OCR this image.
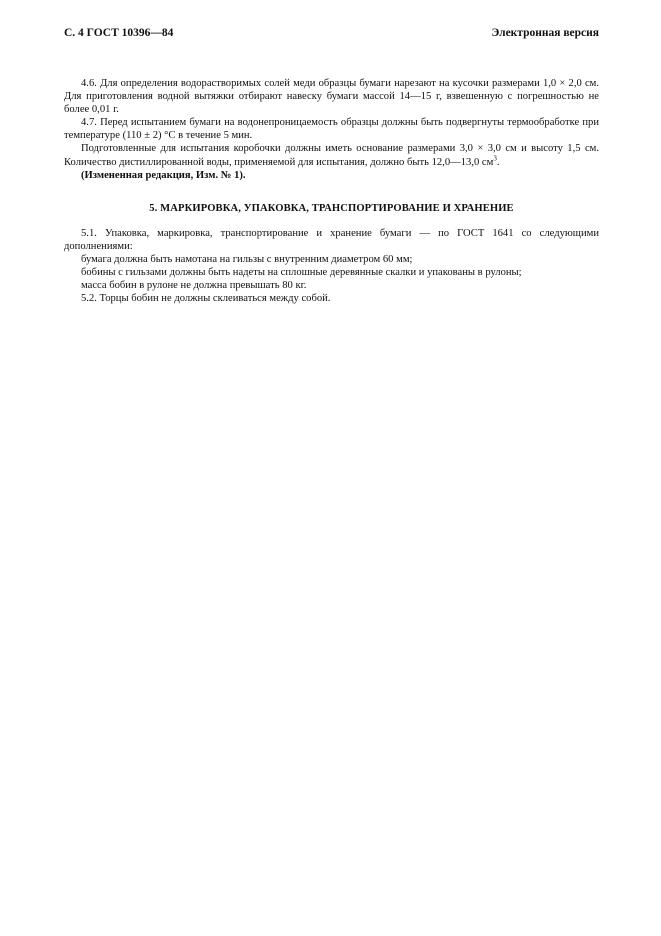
С. 4 ГОСТ 10396—84	Электронная версия

4.6. Для определения водорастворимых солей меди образцы бумаги нарезают на кусочки размерами 1,0 × 2,0 см. Для приготовления водной вытяжки отбирают навеску бумаги массой 14—15 г, взвешенную с погрешностью не более 0,01 г.

4.7. Перед испытанием бумаги на водонепроницаемость образцы должны быть подвергнуты термообработке при температуре (110 ± 2) °С в течение 5 мин.

Подготовленные для испытания коробочки должны иметь основание размерами 3,0 × 3,0 см и высоту 1,5 см. Количество дистиллированной воды, применяемой для испытания, должно быть 12,0—13,0 $см^3$.

(Измененная редакция, Изм. № 1).

5. МАРКИРОВКА, УПАКОВКА, ТРАНСПОРТИРОВАНИЕ И ХРАНЕНИЕ

5.1. Упаковка, маркировка, транспортирование и хранение бумаги — по ГОСТ 1641 со следующими дополнениями:

бумага должна быть намотана на гильзы с внутренним диаметром 60 мм;

бобины с гильзами должны быть надеты на сплошные деревянные скалки и упакованы в рулоны;

масса бобин в рулоне не должна превышать 80 кг.

5.2. Торцы бобин не должны склеиваться между собой.
